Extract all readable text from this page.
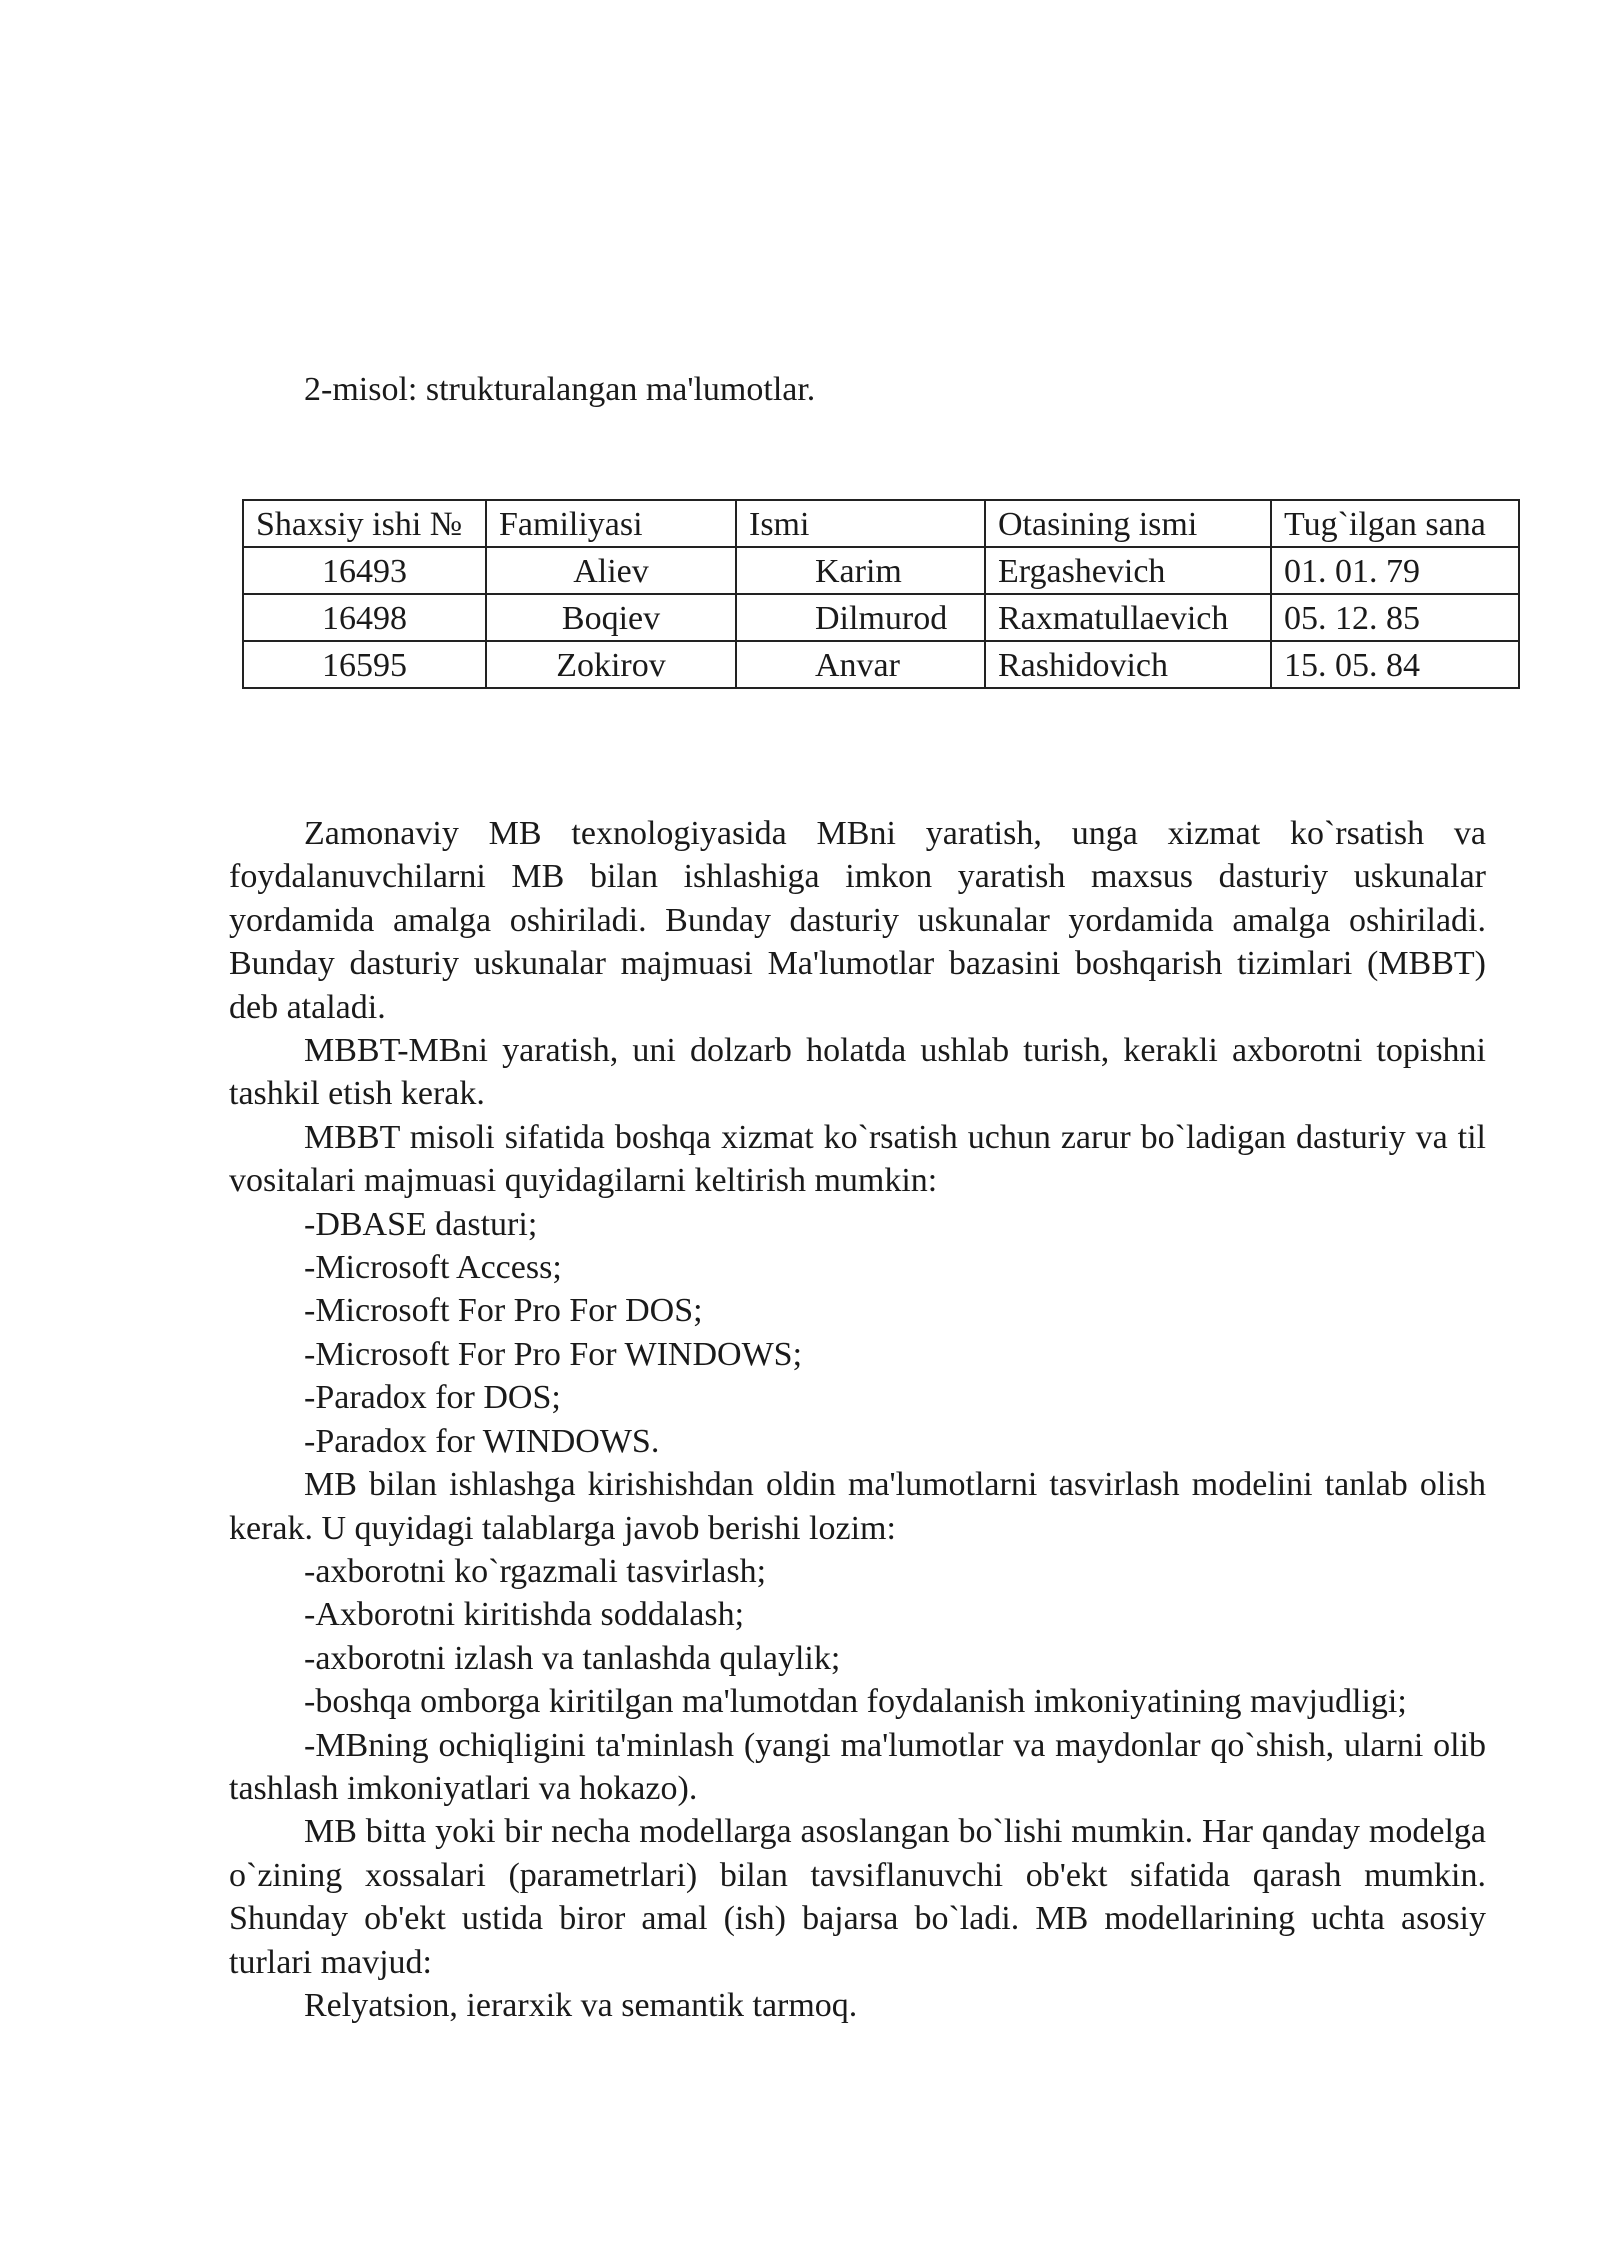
2-misol: strukturalangan ma'lumotlar.
Shaxsiy ishi №	Familiyasi	Ismi	Otasining ismi	Tug`ilgan sana
16493	Aliev	Karim	Ergashevich	01. 01. 79
16498	Boqiev	Dilmurod	Raxmatullaevich	05. 12. 85
16595	Zokirov	Anvar	Rashidovich	15. 05. 84

Zamonaviy MB texnologiyasida MBni yaratish, unga xizmat ko`rsatish va foydalanuvchilarni MB bilan ishlashiga imkon yaratish maxsus dasturiy uskunalar yordamida amalga oshiriladi. Bunday dasturiy uskunalar yordamida amalga oshiriladi. Bunday dasturiy uskunalar majmuasi Ma'lumotlar bazasini boshqarish tizimlari (MBBT) deb ataladi.

MBBT-MBni yaratish, uni dolzarb holatda ushlab turish, kerakli axborotni topishni tashkil etish kerak.

MBBT misoli sifatida boshqa xizmat ko`rsatish uchun zarur bo`ladigan dasturiy va til vositalari majmuasi quyidagilarni keltirish mumkin:

-DBASE dasturi;

-Microsoft Access;

-Microsoft For Pro For DOS;

-Microsoft For Pro For WINDOWS;

-Paradox for DOS;

-Paradox for WINDOWS.

MB bilan ishlashga kirishishdan oldin ma'lumotlarni tasvirlash modelini tanlab olish kerak. U quyidagi talablarga javob berishi lozim:

-axborotni ko`rgazmali tasvirlash;

-Axborotni kiritishda soddalash;

-axborotni izlash va tanlashda qulaylik;

-boshqa omborga kiritilgan ma'lumotdan foydalanish imkoniyatining mavjudligi;

-MBning ochiqligini ta'minlash (yangi ma'lumotlar va maydonlar qo`shish, ularni olib tashlash imkoniyatlari va hokazo).

MB bitta yoki bir necha modellarga asoslangan bo`lishi mumkin. Har qanday modelga o`zining xossalari (parametrlari) bilan tavsiflanuvchi ob'ekt sifatida qarash mumkin. Shunday ob'ekt ustida biror amal (ish) bajarsa bo`ladi. MB modellarining uchta asosiy turlari mavjud:

Relyatsion, ierarxik va semantik tarmoq.
